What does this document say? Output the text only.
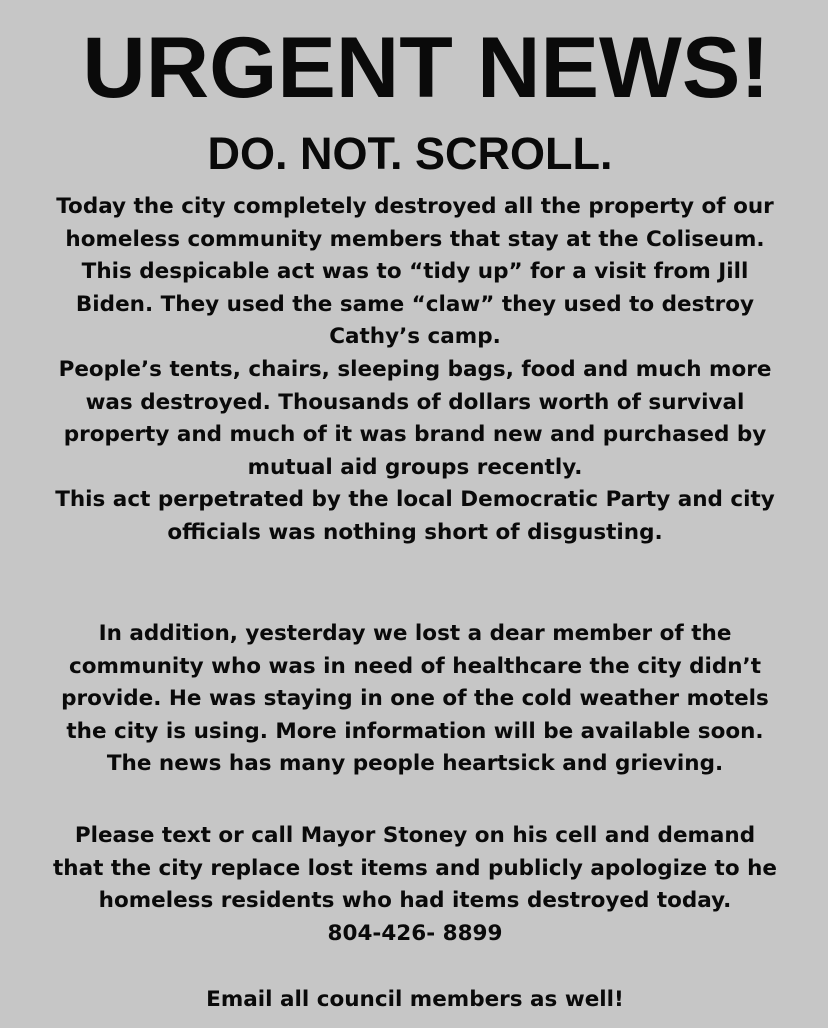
URGENT NEWS!
DO. NOT. SCROLL.
Today the city completely destroyed all the property of our
homeless community members that stay at the Coliseum.
This despicable act was to “tidy up” for a visit from Jill
Biden. They used the same “claw” they used to destroy
Cathy’s camp.
People’s tents, chairs, sleeping bags, food and much more
was destroyed. Thousands of dollars worth of survival
property and much of it was brand new and purchased by
mutual aid groups recently.
This act perpetrated by the local Democratic Party and city
officials was nothing short of disgusting.
In addition, yesterday we lost a dear member of the
community who was in need of healthcare the city didn’t
provide. He was staying in one of the cold weather motels
the city is using. More information will be available soon.
The news has many people heartsick and grieving.
Please text or call Mayor Stoney on his cell and demand
that the city replace lost items and publicly apologize to he
homeless residents who had items destroyed today.
804-426- 8899
Email all council members as well!
